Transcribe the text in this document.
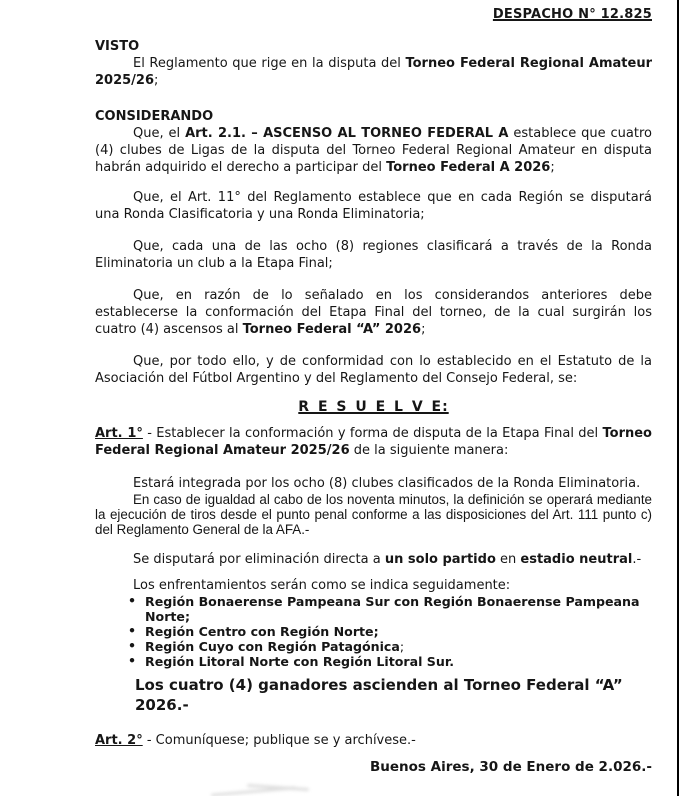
DESPACHO N° 12.825

VISTO

El Reglamento que rige en la disputa del Torneo Federal Regional Amateur 2025/26;

CONSIDERANDO

Que, el Art. 2.1. – ASCENSO AL TORNEO FEDERAL A establece que cuatro (4) clubes de Ligas de la disputa del Torneo Federal Regional Amateur en disputa habrán adquirido el derecho a participar del Torneo Federal A 2026;

Que, el Art. 11° del Reglamento establece que en cada Región se disputará una Ronda Clasificatoria y una Ronda Eliminatoria;

Que, cada una de las ocho (8) regiones clasificará a través de la Ronda Eliminatoria un club a la Etapa Final;

Que, en razón de lo señalado en los considerandos anteriores debe establecerse la conformación del Etapa Final del torneo, de la cual surgirán los cuatro (4) ascensos al Torneo Federal “A” 2026;

Que, por todo ello, y de conformidad con lo establecido en el Estatuto de la Asociación del Fútbol Argentino y del Reglamento del Consejo Federal, se:

R E S U E L V E:

Art. 1° - Establecer la conformación y forma de disputa de la Etapa Final del Torneo Federal Regional Amateur 2025/26 de la siguiente manera:

Estará integrada por los ocho (8) clubes clasificados de la Ronda Eliminatoria.

En caso de igualdad al cabo de los noventa minutos, la definición se operará mediante la ejecución de tiros desde el punto penal conforme a las disposiciones del Art. 111 punto c) del Reglamento General de la AFA.-

Se disputará por eliminación directa a un solo partido en estadio neutral.-

Los enfrentamientos serán como se indica seguidamente:

• Región Bonaerense Pampeana Sur con Región Bonaerense Pampeana Norte;
• Región Centro con Región Norte;
• Región Cuyo con Región Patagónica;
• Región Litoral Norte con Región Litoral Sur.

Los cuatro (4) ganadores ascienden al Torneo Federal “A” 2026.-

Art. 2° - Comuníquese; publique se y archívese.-

Buenos Aires, 30 de Enero de 2.026.-
